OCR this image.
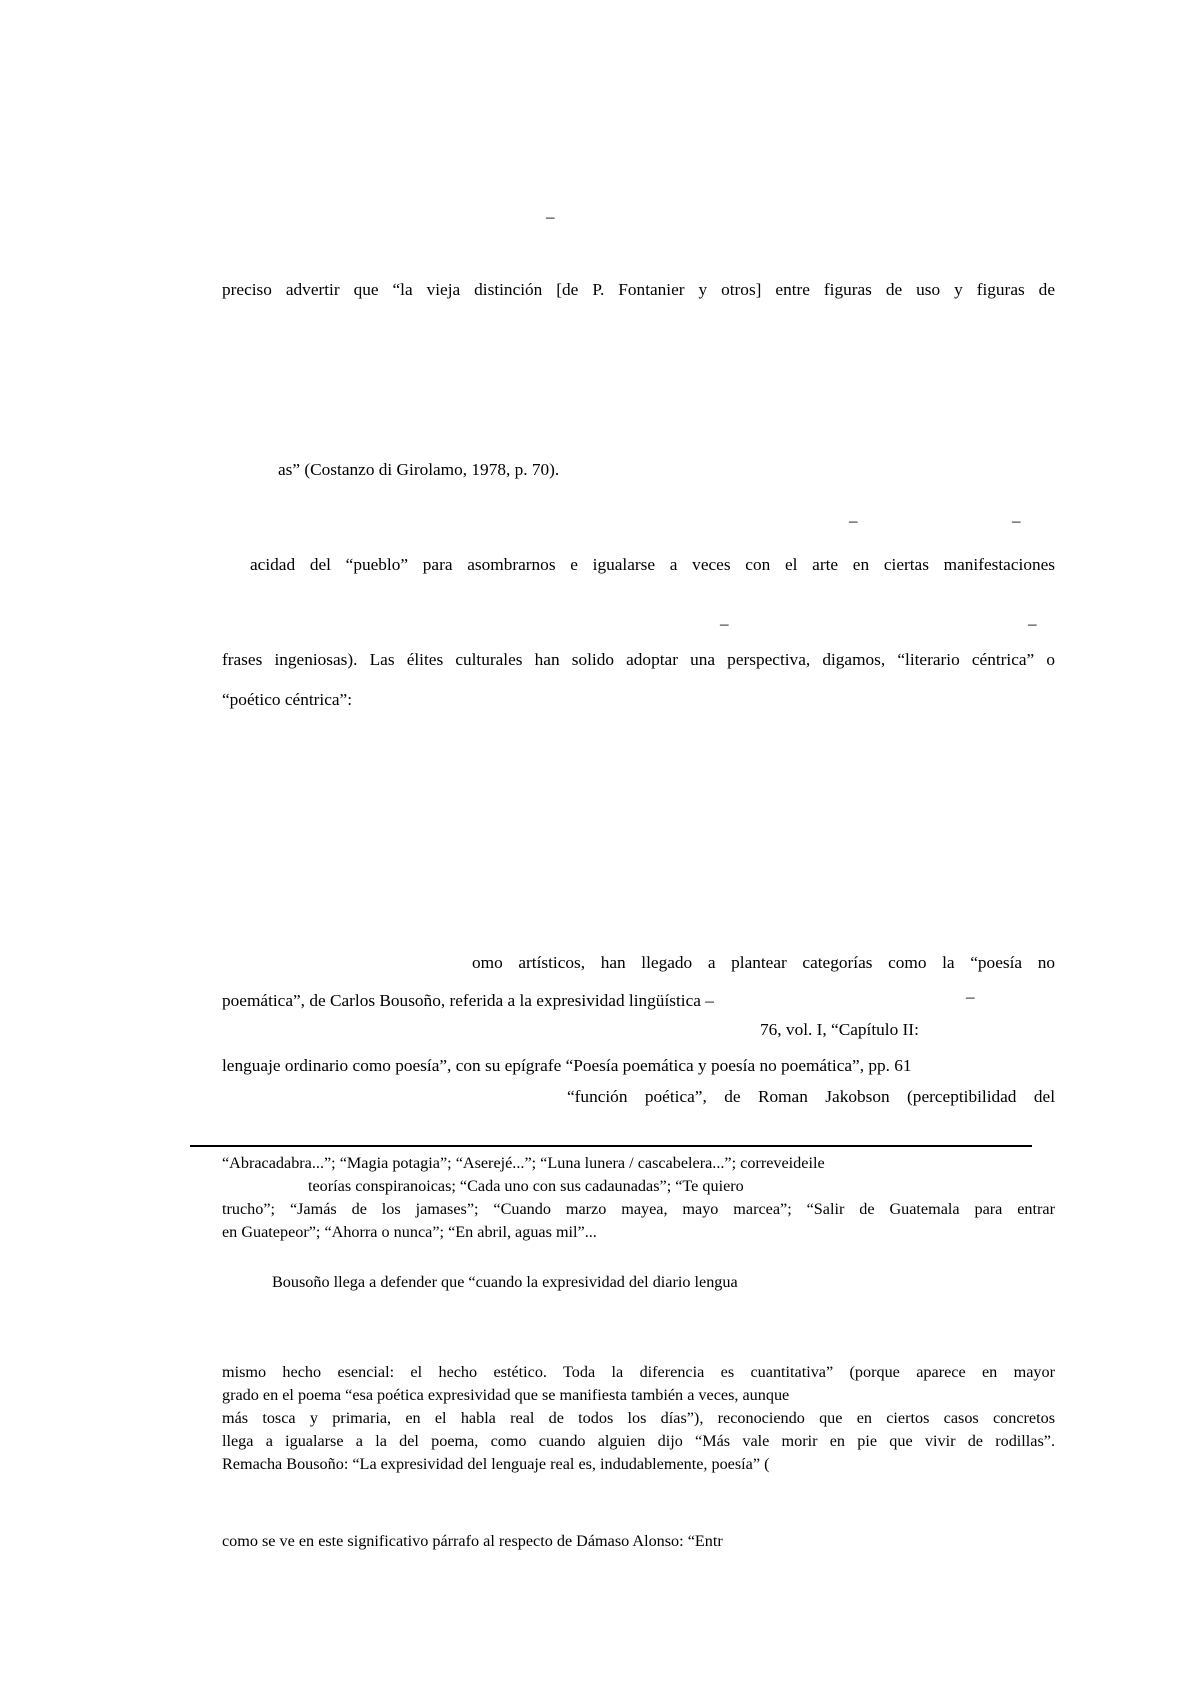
–
–	–
–	–
–
preciso advertir que “la vieja distinción [de P. Fontanier y otros] entre figuras de uso y figuras de
as” (Costanzo di Girolamo, 1978, p. 70).
acidad del “pueblo” para asombrarnos e igualarse a veces con el arte en ciertas manifestaciones
frases ingeniosas). Las élites culturales han solido adoptar una perspectiva, digamos, “literario céntrica” o
“poético céntrica”:
omo artísticos, han llegado a plantear categorías como la “poesía no
poemática”, de Carlos Bousoño, referida a la expresividad lingüística –
76, vol. I, “Capítulo II:
lenguaje ordinario como poesía”, con su epígrafe “Poesía poemática y poesía no poemática”, pp. 61
“función poética”, de Roman Jakobson (perceptibilidad del
“Abracadabra...”; “Magia potagia”; “Aserejé...”; “Luna lunera / cascabelera...”; correveideile
teorías conspiranoicas; “Cada uno con sus cadaunadas”; “Te quiero
trucho”; “Jamás de los jamases”; “Cuando marzo mayea, mayo marcea”; “Salir de Guatemala para entrar
en Guatepeor”; “Ahorra o nunca”; “En abril, aguas mil”...
Bousoño llega a defender que “cuando la expresividad del diario lengua
mismo hecho esencial: el hecho estético. Toda la diferencia es cuantitativa” (porque aparece en mayor
grado en el poema “esa poética expresividad que se manifiesta también a veces, aunque
más tosca y primaria, en el habla real de todos los días”), reconociendo que en ciertos casos concretos
llega a igualarse a la del poema, como cuando alguien dijo “Más vale morir en pie que vivir de rodillas”.
Remacha Bousoño: “La expresividad del lenguaje real es, indudablemente, poesía” (
como se ve en este significativo párrafo al respecto de Dámaso Alonso: “Entr
